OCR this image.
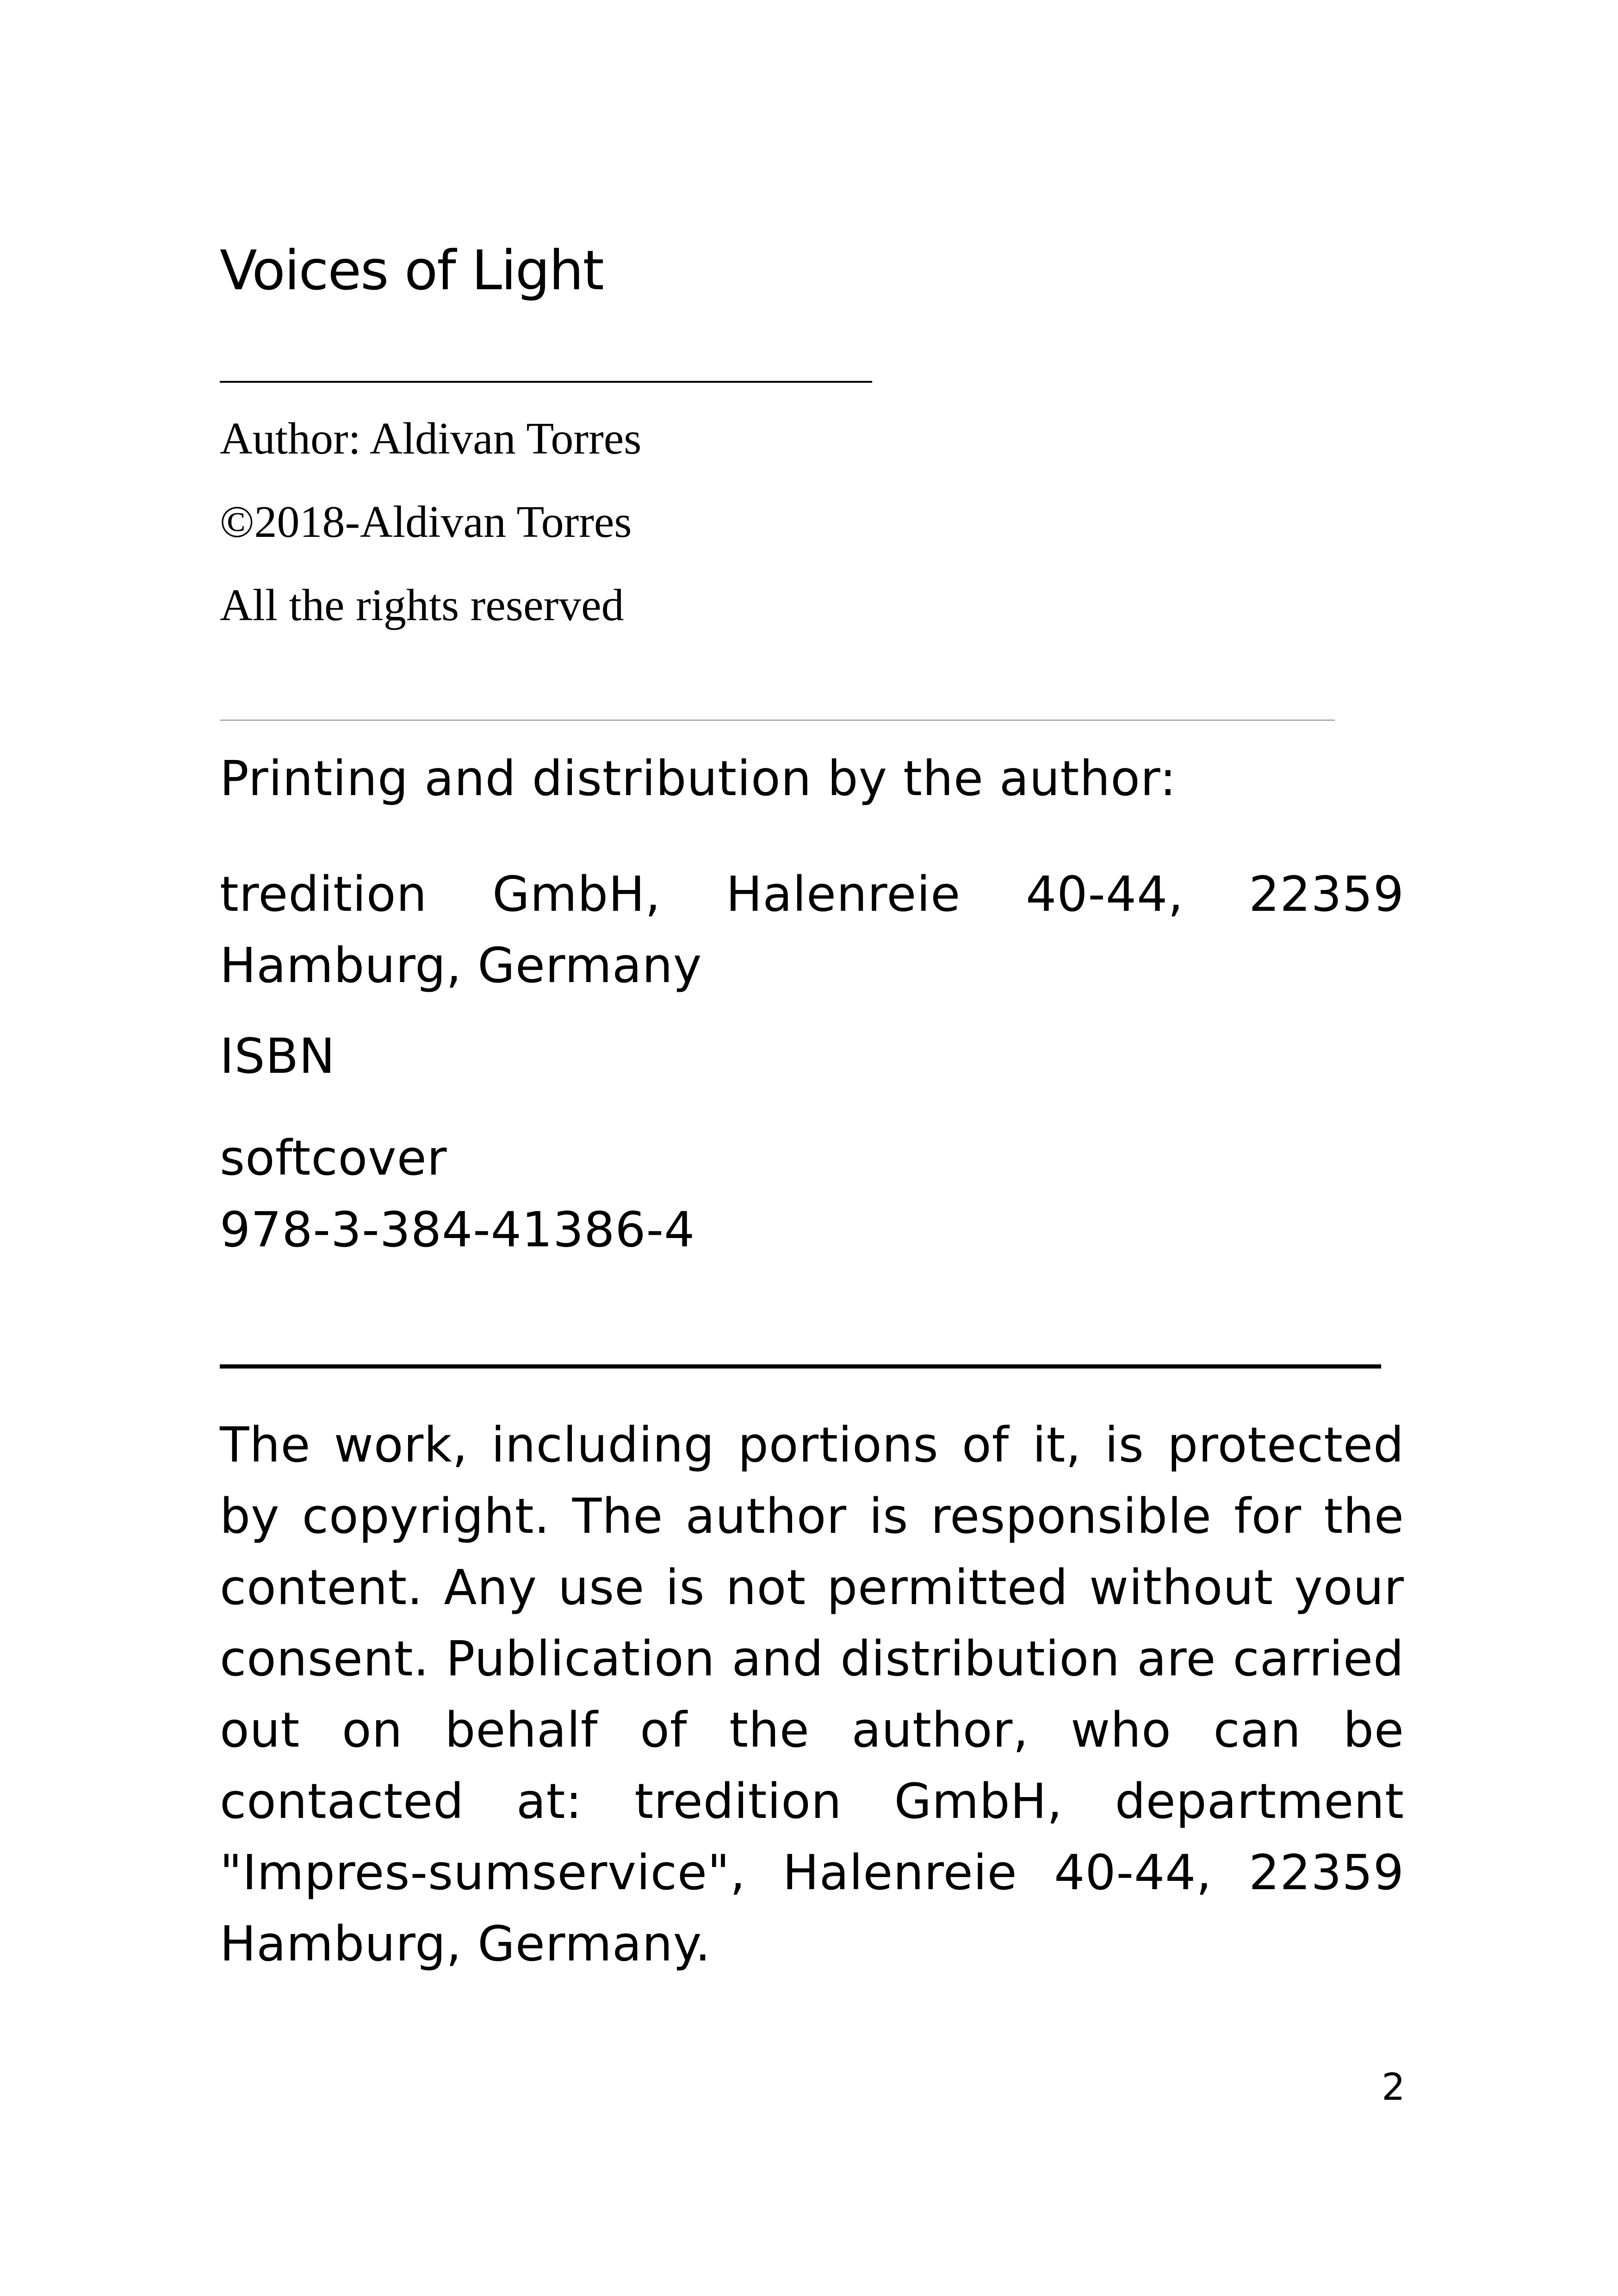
Voices of Light
Author: Aldivan Torres
©2018-Aldivan Torres
All the rights reserved
Printing and distribution by the author:
tredition GmbH, Halenreie 40-44, 22359 Hamburg, Germany
ISBN
softcover
978-3-384-41386-4
The work, including portions of it, is protected by copyright. The author is responsible for the content. Any use is not permitted without your consent. Publication and distribution are carried out on behalf of the author, who can be contacted at: tredition GmbH, department "Impres-sumservice", Halenreie 40-44, 22359 Hamburg, Germany.
2
